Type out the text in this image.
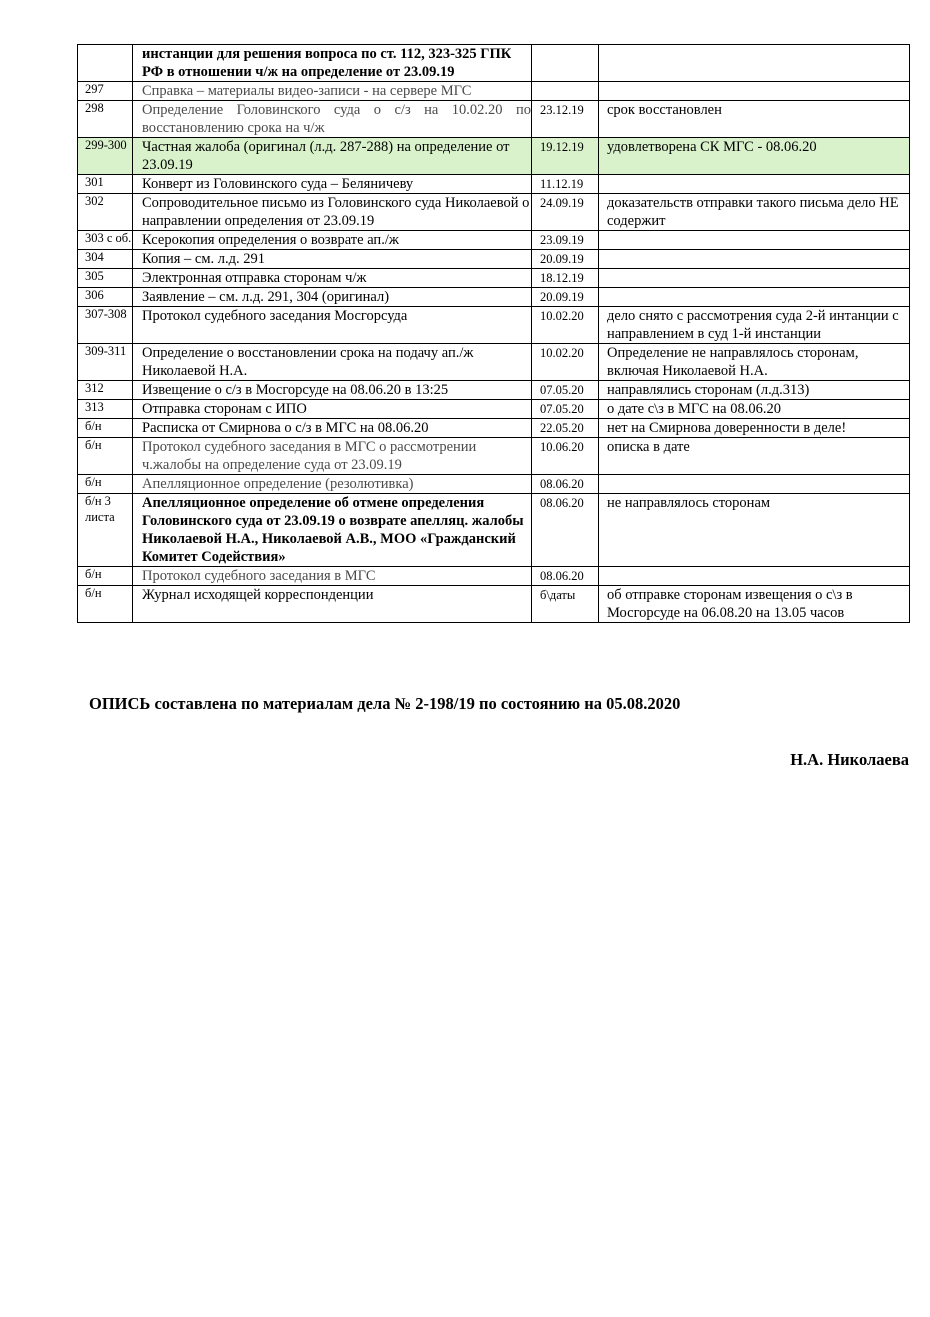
	инстанции для решения вопроса по ст. 112, 323-325 ГПК РФ в отношении ч/ж на определение от 23.09.19		
297	Справка – материалы видео-записи - на сервере МГС		
298	Определение Головинского суда о с/з на 10.02.20 по восстановлению срока на ч/ж	23.12.19	срок восстановлен
299-300	Частная жалоба (оригинал (л.д. 287-288) на определение от 23.09.19	19.12.19	удовлетворена СК МГС - 08.06.20
301	Конверт из Головинского суда – Беляничеву	11.12.19	
302	Сопроводительное письмо из Головинского суда Николаевой о направлении определения от 23.09.19	24.09.19	доказательств отправки такого письма дело НЕ содержит
303 с об.	Ксерокопия определения о возврате ап./ж	23.09.19	
304	Копия – см. л.д. 291	20.09.19	
305	Электронная отправка сторонам ч/ж	18.12.19	
306	Заявление – см. л.д. 291, 304 (оригинал)	20.09.19	
307-308	Протокол судебного заседания Мосгорсуда	10.02.20	дело снято с рассмотрения суда 2-й интанции с направлением в суд 1-й инстанции
309-311	Определение о восстановлении срока на подачу ап./ж Николаевой Н.А.	10.02.20	Определение не направлялось сторонам, включая Николаевой Н.А.
312	Извещение о с/з в Мосгорсуде на 08.06.20 в 13:25	07.05.20	направлялись сторонам (л.д.313)
313	Отправка сторонам с ИПО	07.05.20	о дате с\з в МГС на 08.06.20
б/н	Расписка от Смирнова о с/з в МГС на 08.06.20	22.05.20	нет на Смирнова доверенности в деле!
б/н	Протокол судебного заседания в МГС о рассмотрении ч.жалобы на определение суда от 23.09.19	10.06.20	описка в дате
б/н	Апелляционное определение (резолютивка)	08.06.20	
б/н 3 листа	Апелляционное определение об отмене определения Головинского суда от 23.09.19 о возврате апелляц. жалобы Николаевой Н.А., Николаевой А.В., МОО «Гражданский Комитет Содействия»	08.06.20	не направлялось сторонам
б/н	Протокол судебного заседания в МГС	08.06.20	
б/н	Журнал исходящей корреспонденции	б\даты	об отправке сторонам извещения о с\з в Мосгорсуде на 06.08.20 на 13.05 часов

ОПИСЬ составлена по материалам дела № 2-198/19 по состоянию на 05.08.2020

Н.А. Николаева
